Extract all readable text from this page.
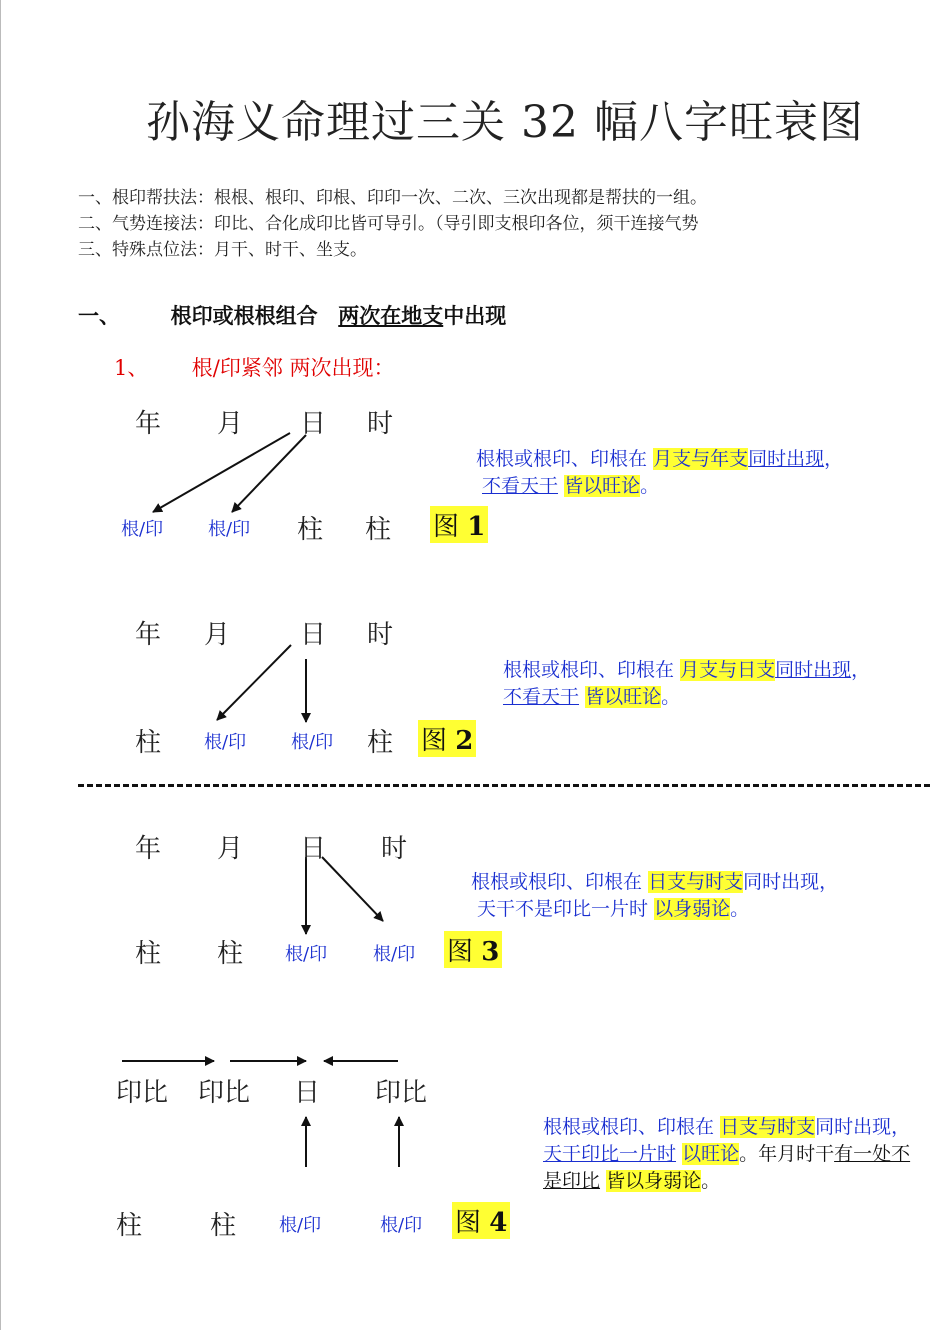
孙海义命理过三关 32 幅八字旺衰图
一、根印帮扶法：根根、根印、印根、印印一次、二次、三次出现都是帮扶的一组。
二、气势连接法：印比、合化成印比皆可导引。（导引即支根印各位，须干连接气势
三、特殊点位法：月干、时干、坐支。
一、 根印或根根组合 两次在地支中出现
1、 根/印紧邻 两次出现：
年 月 日 时
根/印 根/印 柱 柱 图 1
根根或根印、印根在 月支与年支同时出现，
不看天干 皆以旺论。
年 月	日 时
柱 根/印 根/印 柱 图 2
根根或根印、印根在 月支与日支同时出现，
不看天干 皆以旺论。
年 月 日 时
柱 柱 根/印	根/印 图 3
根根或根印、印根在 日支与时支同时出现，
天干不是印比一片时 以身弱论。
印比 印比 日 印比
柱	柱 根/印	根/印 图 4
根根或根印、印根在 日支与时支同时出现，
天干印比一片时 以旺论。年月时干有一处不
是印比 皆以身弱论。
